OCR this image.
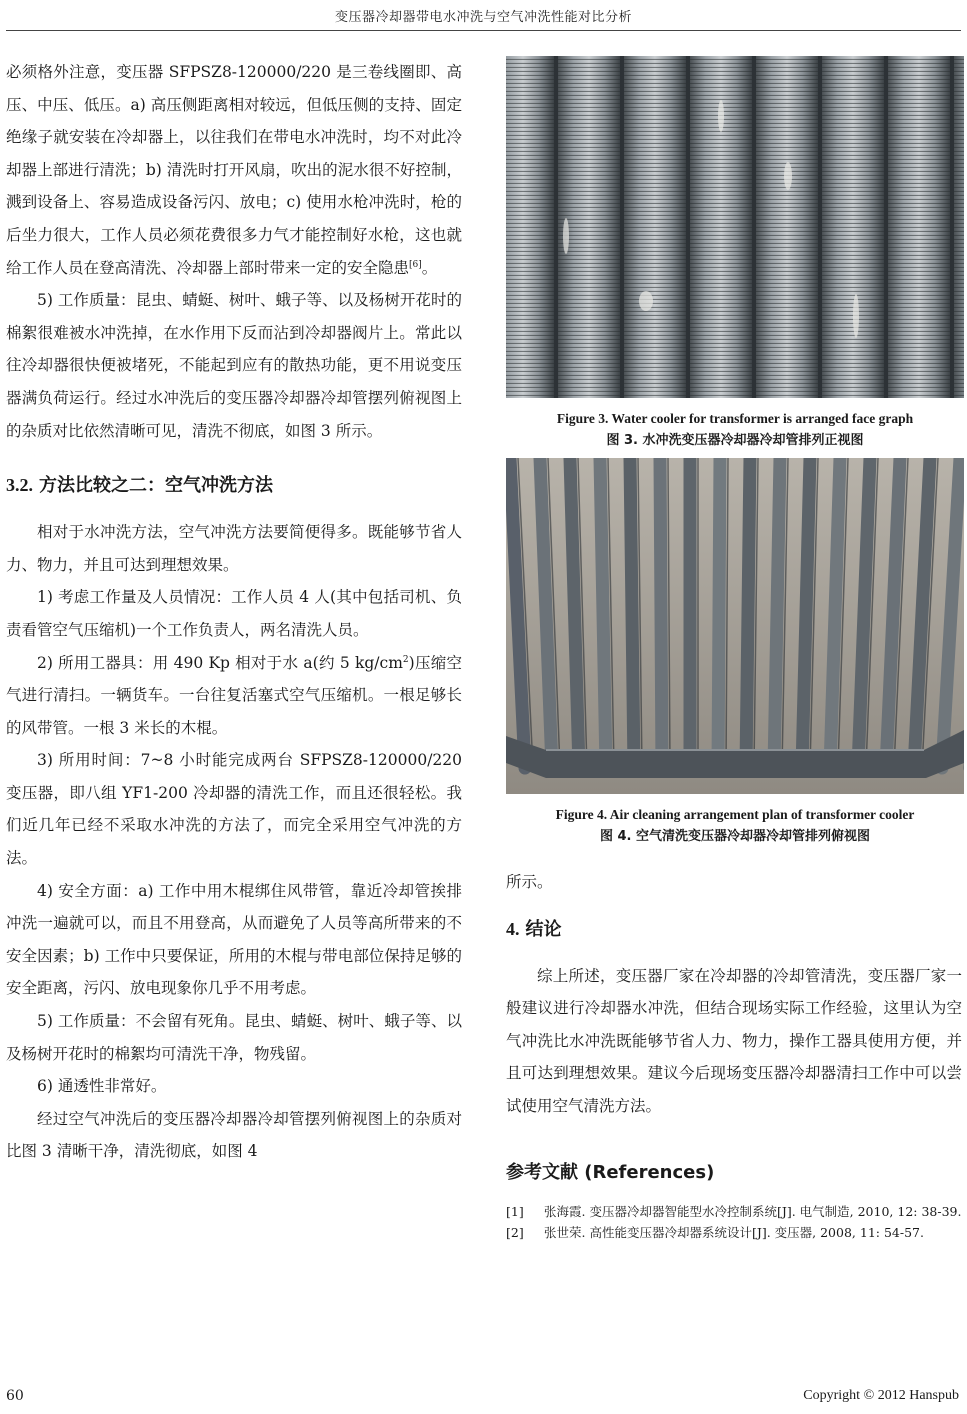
变压器冷却器带电水冲洗与空气冲洗性能对比分析

必须格外注意，变压器 SFPSZ8-120000/220 是三卷线圈即、高压、中压、低压。a) 高压侧距离相对较远，但低压侧的支持、固定绝缘子就安装在冷却器上，以往我们在带电水冲洗时，均不对此冷却器上部进行清洗；b) 清洗时打开风扇，吹出的泥水很不好控制，溅到设备上、容易造成设备污闪、放电；c) 使用水枪冲洗时，枪的后坐力很大，工作人员必须花费很多力气才能控制好水枪，这也就给工作人员在登高清洗、冷却器上部时带来一定的安全隐患[6]。

5) 工作质量：昆虫、蜻蜓、树叶、蛾子等、以及杨树开花时的棉絮很难被水冲洗掉，在水作用下反而沾到冷却器阀片上。常此以往冷却器很快便被堵死，不能起到应有的散热功能，更不用说变压器满负荷运行。经过水冲洗后的变压器冷却器冷却管摆列俯视图上的杂质对比依然清晰可见，清洗不彻底，如图 3 所示。

3.2. 方法比较之二：空气冲洗方法

相对于水冲洗方法，空气冲洗方法要简便得多。既能够节省人力、物力，并且可达到理想效果。

1) 考虑工作量及人员情况：工作人员 4 人(其中包括司机、负责看管空气压缩机)一个工作负责人，两名清洗人员。

2) 所用工器具：用 490 Kp 相对于水 a(约 5 $kg/cm^2$)压缩空气进行清扫。一辆货车。一台往复活塞式空气压缩机。一根足够长的风带管。一根 3 米长的木棍。

3) 所用时间：7~8 小时能完成两台 SFPSZ8-120000/220 变压器，即八组 YF1-200 冷却器的清洗工作，而且还很轻松。我们近几年已经不采取水冲洗的方法了，而完全采用空气冲洗的方法。

4) 安全方面：a) 工作中用木棍绑住风带管，靠近冷却管挨排冲洗一遍就可以，而且不用登高，从而避免了人员等高所带来的不安全因素；b) 工作中只要保证，所用的木棍与带电部位保持足够的安全距离，污闪、放电现象你几乎不用考虑。

5) 工作质量：不会留有死角。昆虫、蜻蜓、树叶、蛾子等、以及杨树开花时的棉絮均可清洗干净，物残留。

6) 通透性非常好。

经过空气冲洗后的变压器冷却器冷却管摆列俯视图上的杂质对比图 3 清晰干净，清洗彻底，如图 4

Figure 3. Water cooler for transformer is arranged face graph
图 3. 水冲洗变压器冷却器冷却管排列正视图
Figure 4. Air cleaning arrangement plan of transformer cooler
图 4. 空气清洗变压器冷却器冷却管排列俯视图

所示。

4. 结论

综上所述，变压器厂家在冷却器的冷却管清洗，变压器厂家一般建议进行冷却器水冲洗，但结合现场实际工作经验，这里认为空气冲洗比水冲洗既能够节省人力、物力，操作工器具使用方便，并且可达到理想效果。建议今后现场变压器冷却器清扫工作中可以尝试使用空气清洗方法。

参考文献 (References)
[1]	张海霞. 变压器冷却器智能型水冷控制系统[J]. 电气制造, 2010, 12: 38-39.
[2]	张世荣. 高性能变压器冷却器系统设计[J]. 变压器, 2008, 11: 54-57.
60	Copyright © 2012 Hanspub
